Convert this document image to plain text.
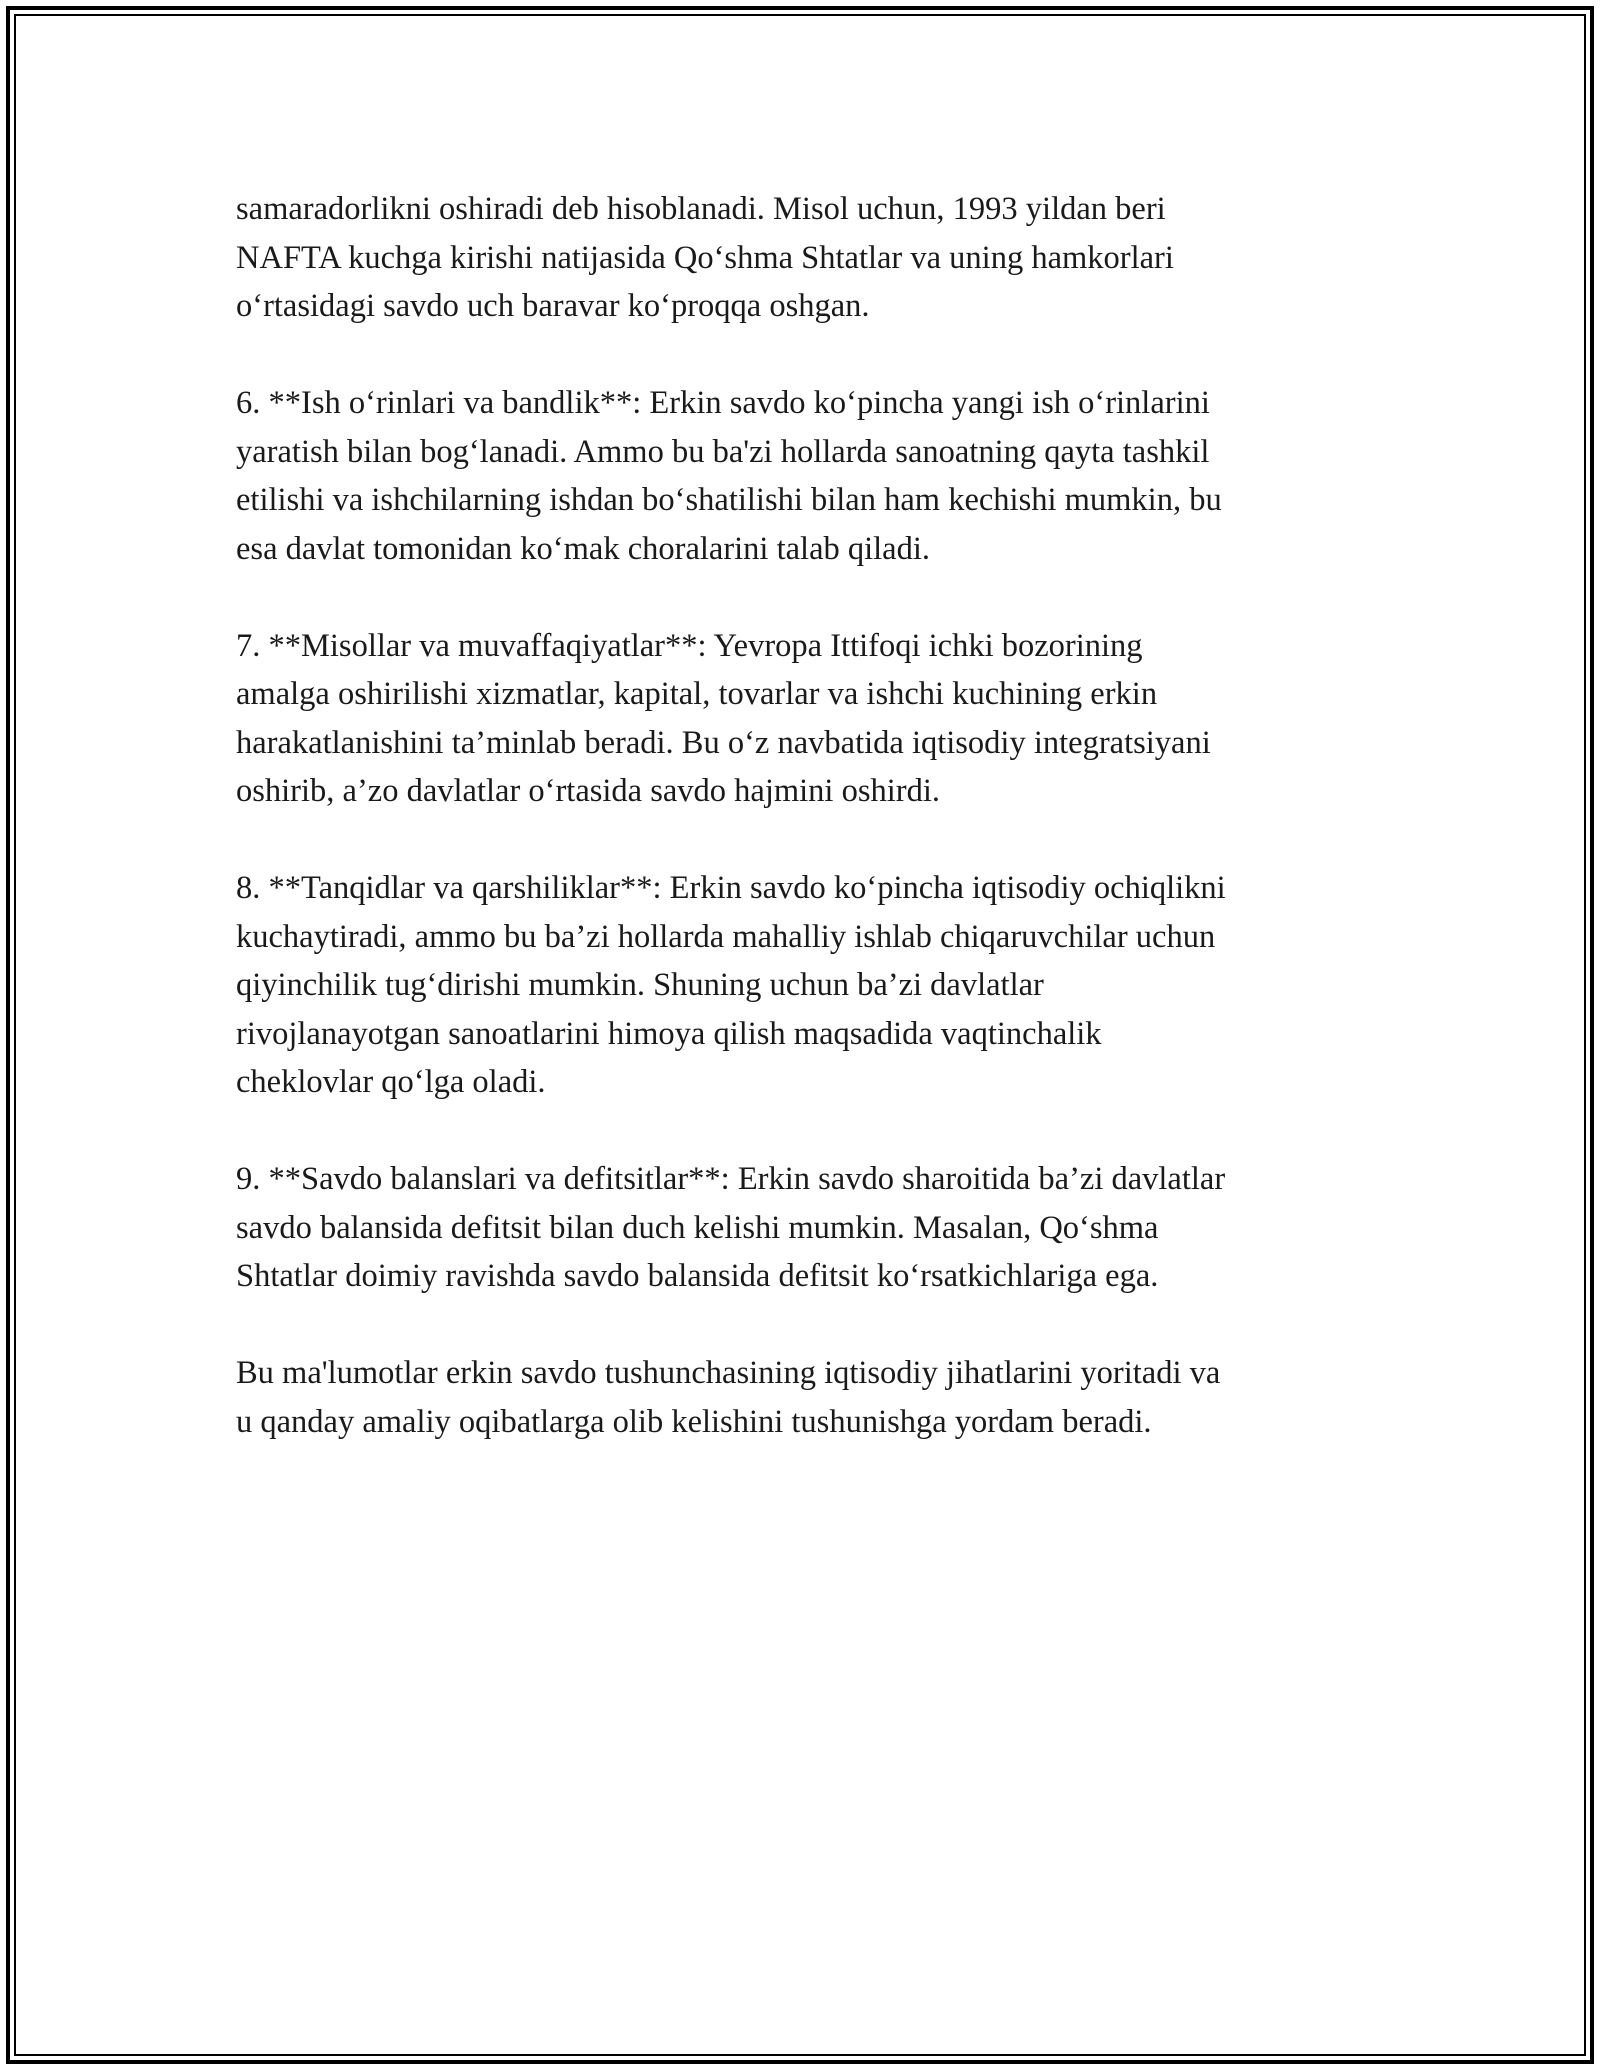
samaradorlikni oshiradi deb hisoblanadi. Misol uchun, 1993 yildan beri
NAFTA kuchga kirishi natijasida Qo‘shma Shtatlar va uning hamkorlari
o‘rtasidagi savdo uch baravar ko‘proqqa oshgan.

6. **Ish o‘rinlari va bandlik**: Erkin savdo ko‘pincha yangi ish o‘rinlarini
yaratish bilan bog‘lanadi. Ammo bu ba'zi hollarda sanoatning qayta tashkil
etilishi va ishchilarning ishdan bo‘shatilishi bilan ham kechishi mumkin, bu
esa davlat tomonidan ko‘mak choralarini talab qiladi.

7. **Misollar va muvaffaqiyatlar**: Yevropa Ittifoqi ichki bozorining
amalga oshirilishi xizmatlar, kapital, tovarlar va ishchi kuchining erkin
harakatlanishini ta’minlab beradi. Bu o‘z navbatida iqtisodiy integratsiyani
oshirib, a’zo davlatlar o‘rtasida savdo hajmini oshirdi.

8. **Tanqidlar va qarshiliklar**: Erkin savdo ko‘pincha iqtisodiy ochiqlikni
kuchaytiradi, ammo bu ba’zi hollarda mahalliy ishlab chiqaruvchilar uchun
qiyinchilik tug‘dirishi mumkin. Shuning uchun ba’zi davlatlar
rivojlanayotgan sanoatlarini himoya qilish maqsadida vaqtinchalik
cheklovlar qo‘lga oladi.

9. **Savdo balanslari va defitsitlar**: Erkin savdo sharoitida ba’zi davlatlar
savdo balansida defitsit bilan duch kelishi mumkin. Masalan, Qo‘shma
Shtatlar doimiy ravishda savdo balansida defitsit ko‘rsatkichlariga ega.

Bu ma'lumotlar erkin savdo tushunchasining iqtisodiy jihatlarini yoritadi va
u qanday amaliy oqibatlarga olib kelishini tushunishga yordam beradi.
